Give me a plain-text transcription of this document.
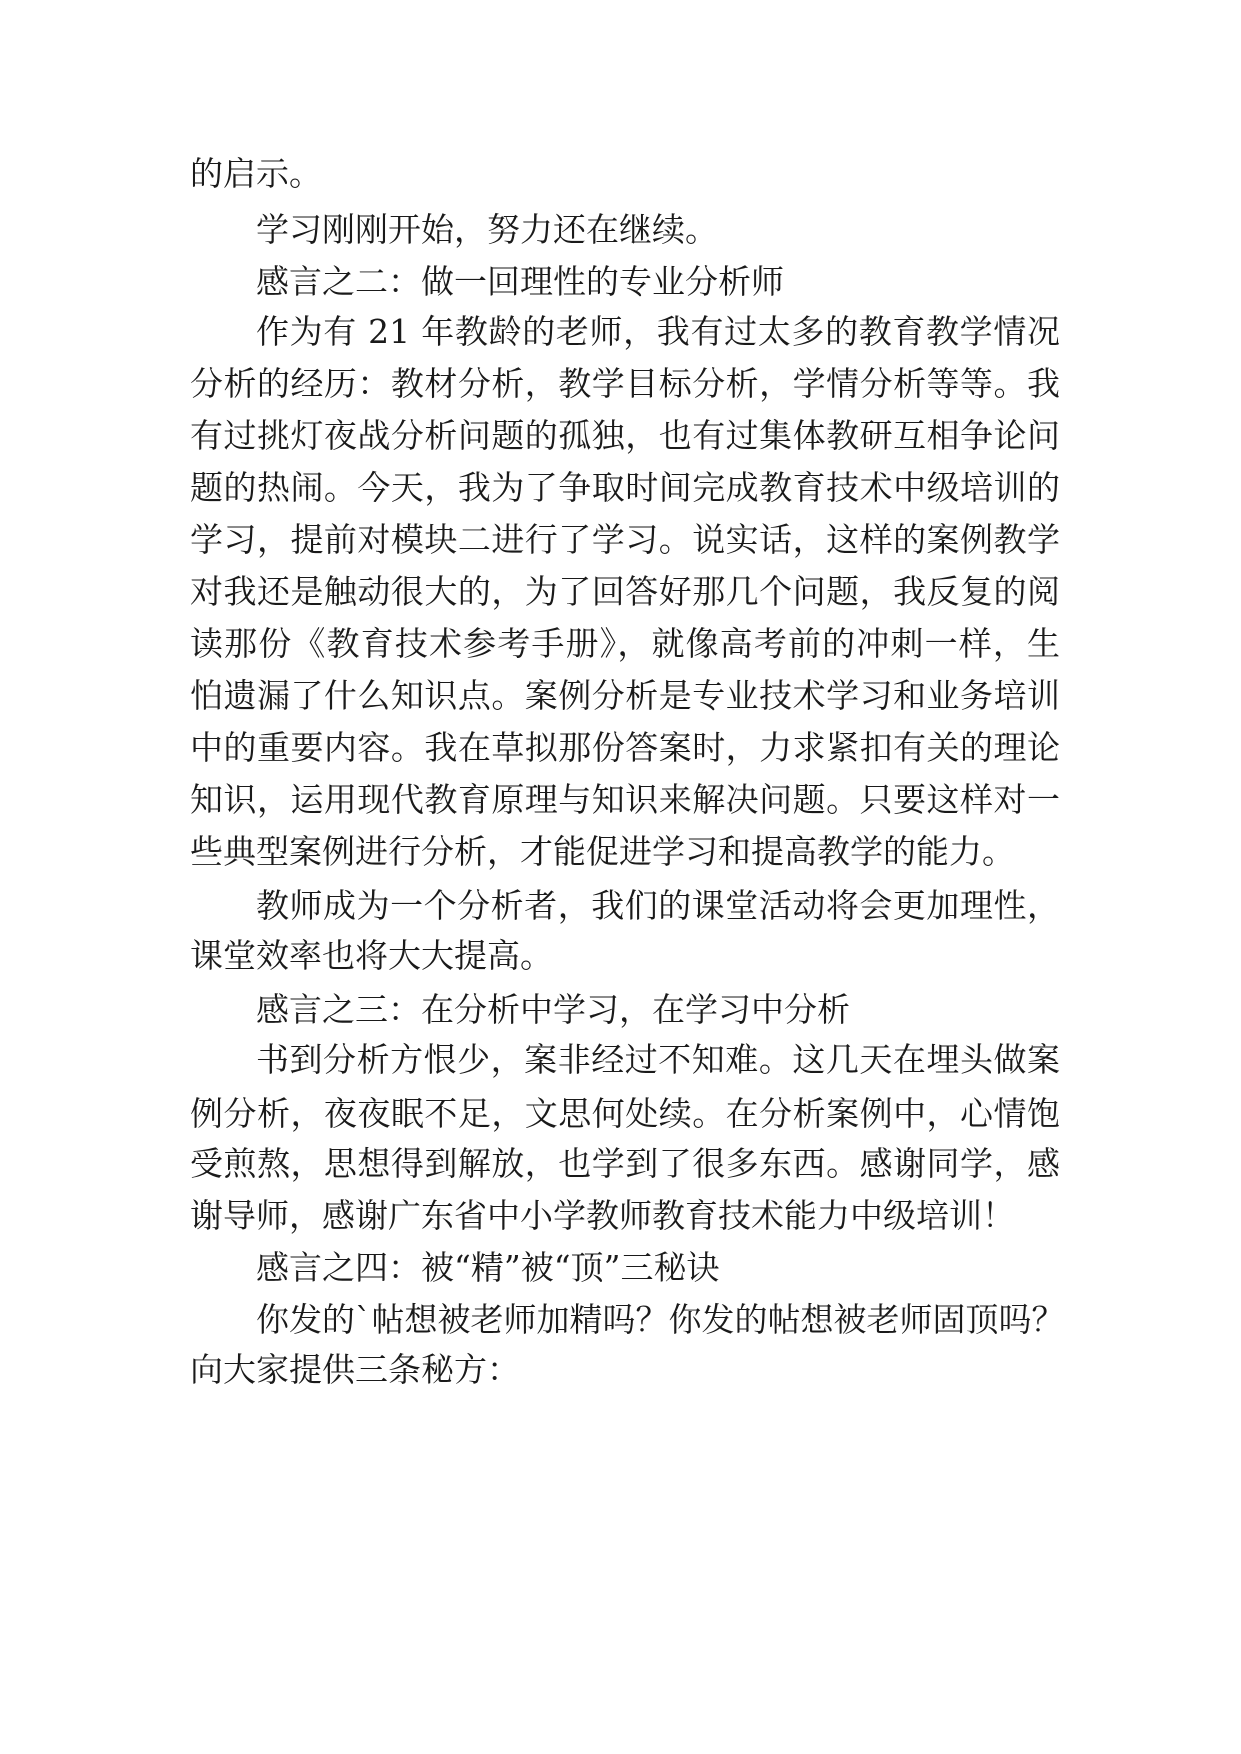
的启示。
学习刚刚开始，努力还在继续。
感言之二：做一回理性的专业分析师
作为有 21 年教龄的老师，我有过太多的教育教学情况
分析的经历：教材分析，教学目标分析，学情分析等等。我
有过挑灯夜战分析问题的孤独，也有过集体教研互相争论问
题的热闹。今天，我为了争取时间完成教育技术中级培训的
学习，提前对模块二进行了学习。说实话，这样的案例教学
对我还是触动很大的，为了回答好那几个问题，我反复的阅
读那份《教育技术参考手册》，就像高考前的冲刺一样，生
怕遗漏了什么知识点。案例分析是专业技术学习和业务培训
中的重要内容。我在草拟那份答案时，力求紧扣有关的理论
知识，运用现代教育原理与知识来解决问题。只要这样对一
些典型案例进行分析，才能促进学习和提高教学的能力。
教师成为一个分析者，我们的课堂活动将会更加理性，
课堂效率也将大大提高。
感言之三：在分析中学习，在学习中分析
书到分析方恨少，案非经过不知难。这几天在埋头做案
例分析，夜夜眠不足，文思何处续。在分析案例中，心情饱
受煎熬，思想得到解放，也学到了很多东西。感谢同学，感
谢导师，感谢广东省中小学教师教育技术能力中级培训！
感言之四：被“精”被“顶”三秘诀
你发的`帖想被老师加精吗？你发的帖想被老师固顶吗？
向大家提供三条秘方：
